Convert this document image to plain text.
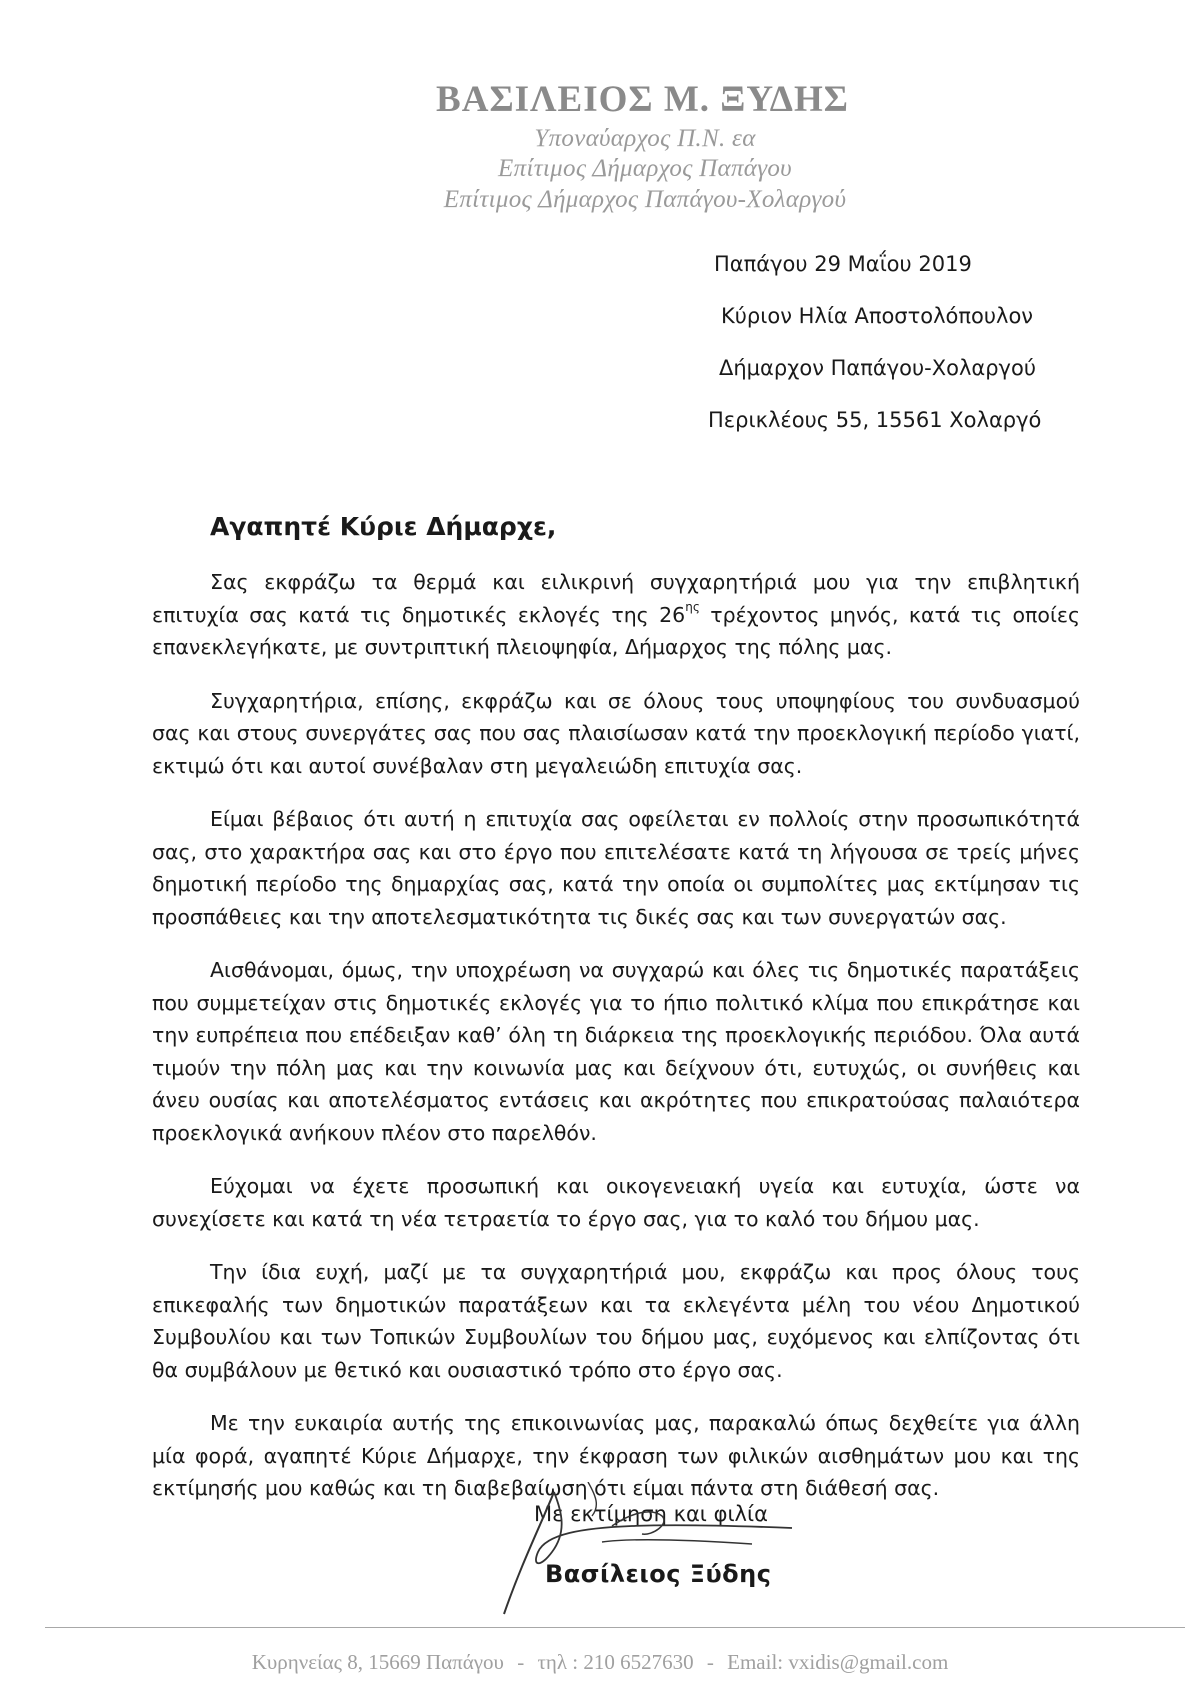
ΒΑΣΙΛΕΙΟΣ Μ. ΞΥΔΗΣ
Υποναύαρχος Π.Ν. εα
Επίτιμος Δήμαρχος Παπάγου
Επίτιμος Δήμαρχος Παπάγου-Χολαργού
Παπάγου 29 Μαΐου 2019
Κύριον Ηλία Αποστολόπουλον
Δήμαρχον Παπάγου-Χολαργού
Περικλέους 55, 15561 Χολαργό
Αγαπητέ Κύριε Δήμαρχε,

Σας εκφράζω τα θερμά και ειλικρινή συγχαρητήριά μου για την επιβλητική επιτυχία σας κατά τις δημοτικές εκλογές της $26^{\eta\varsigma}$ τρέχοντος μηνός, κατά τις οποίες επανεκλεγήκατε, με συντριπτική πλειοψηφία, Δήμαρχος της πόλης μας.

Συγχαρητήρια, επίσης, εκφράζω και σε όλους τους υποψηφίους του συνδυασμού σας και στους συνεργάτες σας που σας πλαισίωσαν κατά την προεκλογική περίοδο γιατί, εκτιμώ ότι και αυτοί συνέβαλαν στη μεγαλειώδη επιτυχία σας.

Είμαι βέβαιος ότι αυτή η επιτυχία σας οφείλεται εν πολλοίς στην προσωπικότητά σας, στο χαρακτήρα σας και στο έργο που επιτελέσατε κατά τη λήγουσα σε τρείς μήνες δημοτική περίοδο της δημαρχίας σας, κατά την οποία οι συμπολίτες μας εκτίμησαν τις προσπάθειες και την αποτελεσματικότητα τις δικές σας και των συνεργατών σας.

Αισθάνομαι, όμως, την υποχρέωση να συγχαρώ και όλες τις δημοτικές παρατάξεις που συμμετείχαν στις δημοτικές εκλογές για το ήπιο πολιτικό κλίμα που επικράτησε και την ευπρέπεια που επέδειξαν καθ’ όλη τη διάρκεια της προεκλογικής περιόδου. Όλα αυτά τιμούν την πόλη μας και την κοινωνία μας και δείχνουν ότι, ευτυχώς, οι συνήθεις και άνευ ουσίας και αποτελέσματος εντάσεις και ακρότητες που επικρατούσας παλαιότερα προεκλογικά ανήκουν πλέον στο παρελθόν.

Εύχομαι να έχετε προσωπική και οικογενειακή υγεία και ευτυχία, ώστε να συνεχίσετε και κατά τη νέα τετραετία το έργο σας, για το καλό του δήμου μας.

Την ίδια ευχή, μαζί με τα συγχαρητήριά μου, εκφράζω και προς όλους τους επικεφαλής των δημοτικών παρατάξεων και τα εκλεγέντα μέλη του νέου Δημοτικού Συμβουλίου και των Τοπικών Συμβουλίων του δήμου μας, ευχόμενος και ελπίζοντας ότι θα συμβάλουν με θετικό και ουσιαστικό τρόπο στο έργο σας.

Με την ευκαιρία αυτής της επικοινωνίας μας, παρακαλώ όπως δεχθείτε για άλλη μία φορά, αγαπητέ Κύριε Δήμαρχε, την έκφραση των φιλικών αισθημάτων μου και της εκτίμησής μου καθώς και τη διαβεβαίωση ότι είμαι πάντα στη διάθεσή σας.

Με εκτίμηση και φιλία
Βασίλειος Ξύδης
Κυρηνείας 8, 15669 Παπάγου - τηλ : 210 6527630 - Email: vxidis@gmail.com
